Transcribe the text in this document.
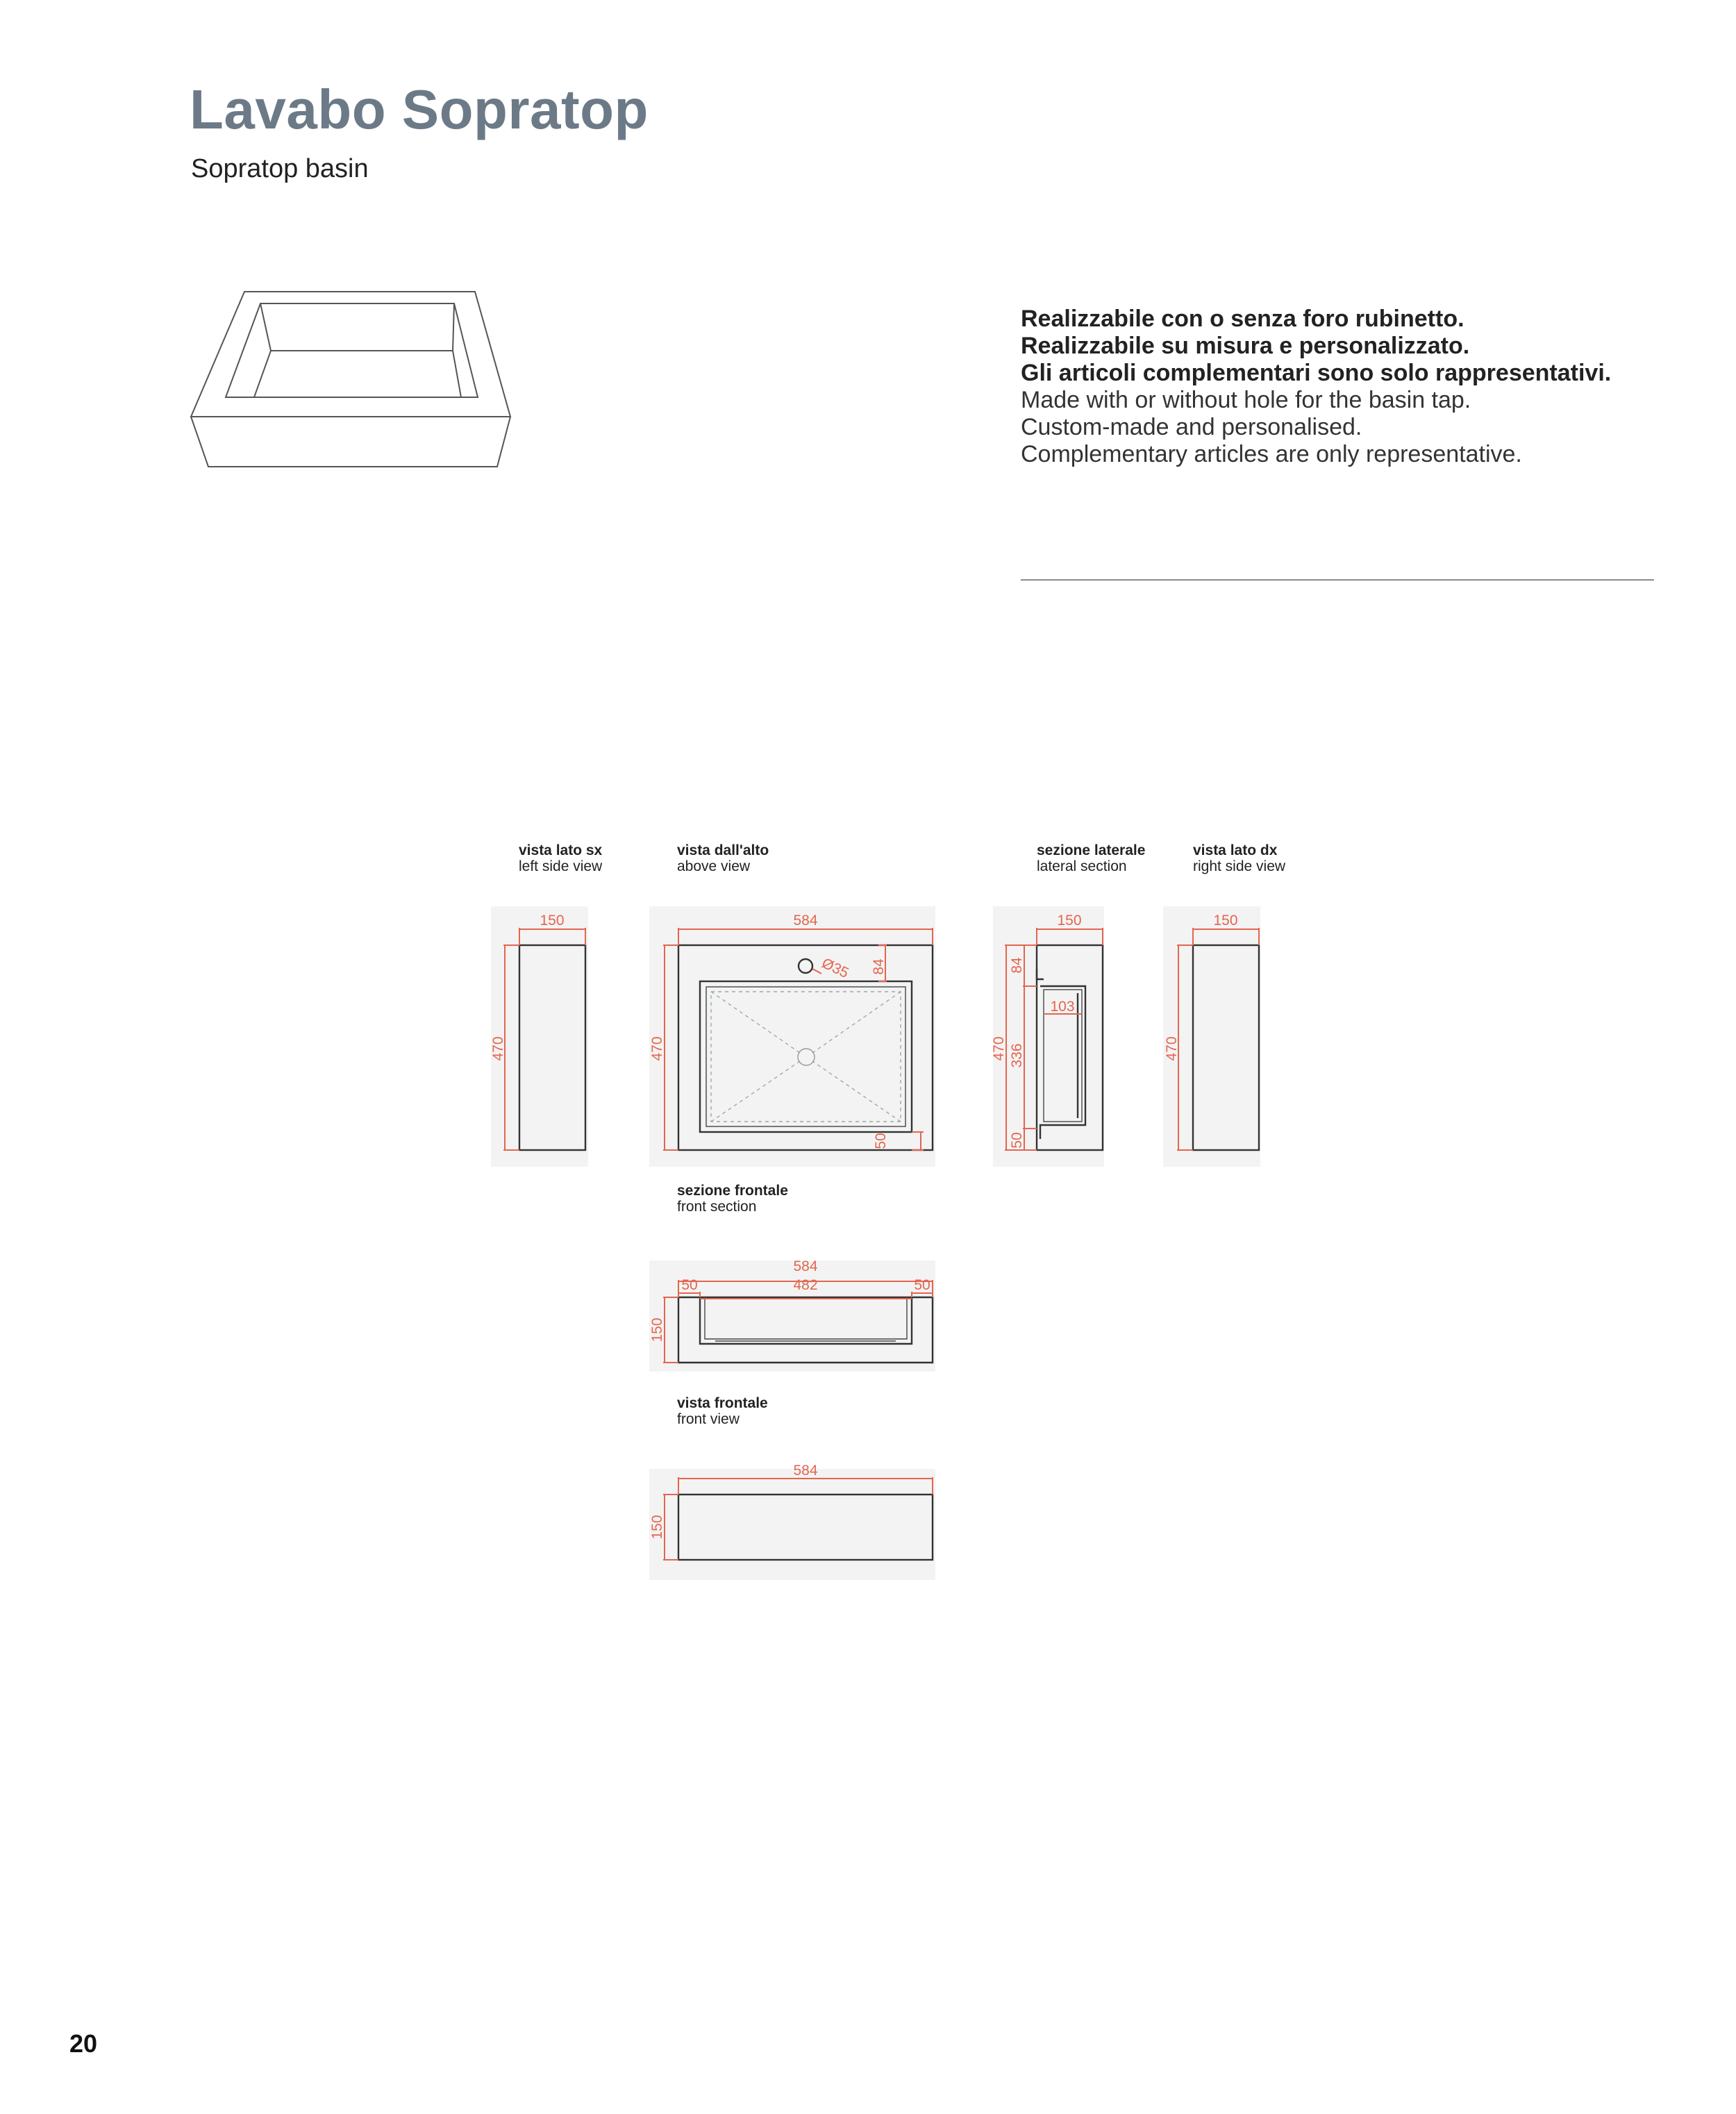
Lavabo Sopratop
Sopratop basin
Realizzabile con o senza foro rubinetto.
Realizzabile su misura e personalizzato.
Gli articoli complementari sono solo rappresentativi.
Made with or without hole for the basin tap.
Custom-made and personalised.
Complementary articles are only representative.
vista lato sx
left side view
vista dall'alto
above view
sezione laterale
lateral section
vista lato dx
right side view
sezione frontale
front section
vista frontale
front view
150
470
584
470
84
Ø35
50
150
84
470 336
103
50
150
470
584
482
50	50
150
584
150
20
